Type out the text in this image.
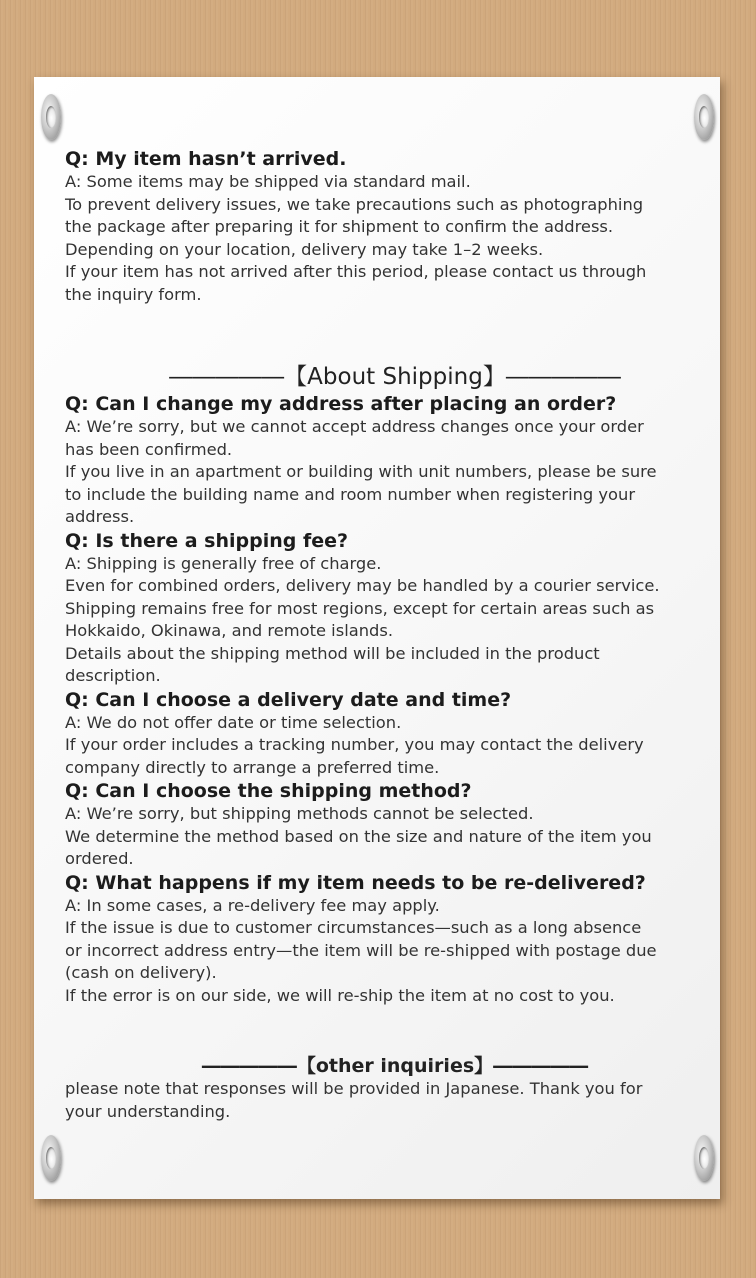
Q: My item hasn’t arrived.

A: Some items may be shipped via standard mail.

To prevent delivery issues, we take precautions such as photographing

the package after preparing it for shipment to confirm the address.

Depending on your location, delivery may take 1–2 weeks.

If your item has not arrived after this period, please contact us through

the inquiry form.

―――――【About Shipping】―――――

Q: Can I change my address after placing an order?

A: We’re sorry, but we cannot accept address changes once your order

has been confirmed.

If you live in an apartment or building with unit numbers, please be sure

to include the building name and room number when registering your

address.

Q: Is there a shipping fee?

A: Shipping is generally free of charge.

Even for combined orders, delivery may be handled by a courier service.

Shipping remains free for most regions, except for certain areas such as

Hokkaido, Okinawa, and remote islands.

Details about the shipping method will be included in the product

description.

Q: Can I choose a delivery date and time?

A: We do not offer date or time selection.

If your order includes a tracking number, you may contact the delivery

company directly to arrange a preferred time.

Q: Can I choose the shipping method?

A: We’re sorry, but shipping methods cannot be selected.

We determine the method based on the size and nature of the item you

ordered.

Q: What happens if my item needs to be re-delivered?

A: In some cases, a re-delivery fee may apply.

If the issue is due to customer circumstances—such as a long absence

or incorrect address entry—the item will be re-shipped with postage due

(cash on delivery).

If the error is on our side, we will re-ship the item at no cost to you.

―――――【other inquiries】―――――

please note that responses will be provided in Japanese. Thank you for

your understanding.
